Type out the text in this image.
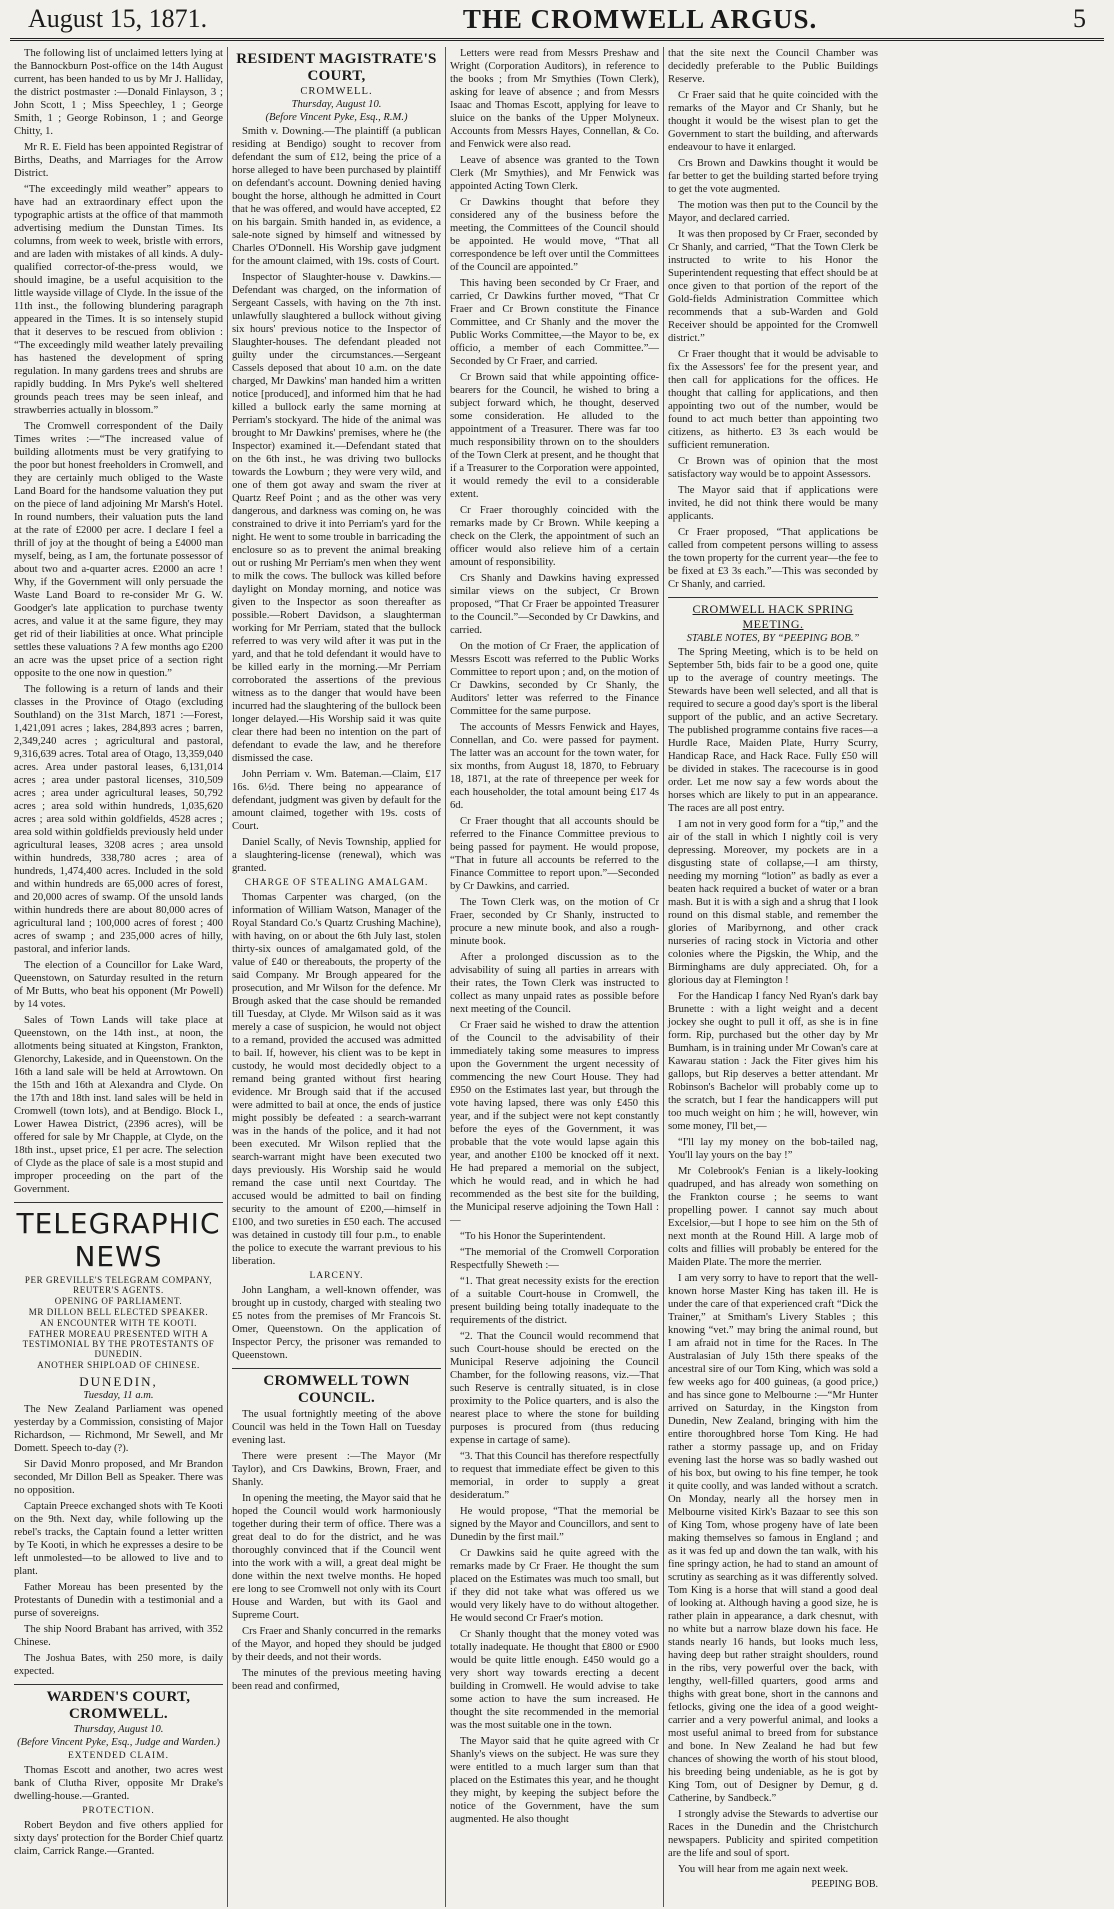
August 15, 1871.	THE CROMWELL ARGUS.	5

The following list of unclaimed letters lying at the Bannockburn Post-office on the 14th August current, has been handed to us by Mr J. Halliday, the district postmaster :—Donald Finlayson, 3 ; John Scott, 1 ; Miss Speechley, 1 ; George Smith, 1 ; George Robinson, 1 ; and George Chitty, 1.

Mr R. E. Field has been appointed Registrar of Births, Deaths, and Marriages for the Arrow District.

“The exceedingly mild weather” appears to have had an extraordinary effect upon the typographic artists at the office of that mammoth advertising medium the Dunstan Times. Its columns, from week to week, bristle with errors, and are laden with mistakes of all kinds. A duly-qualified corrector-of-the-press would, we should imagine, be a useful acquisition to the little wayside village of Clyde. In the issue of the 11th inst., the following blundering paragraph appeared in the Times. It is so intensely stupid that it deserves to be rescued from oblivion : “The exceedingly mild weather lately prevailing has hastened the development of spring regulation. In many gardens trees and shrubs are rapidly budding. In Mrs Pyke's well sheltered grounds peach trees may be seen inleaf, and strawberries actually in blossom.”

The Cromwell correspondent of the Daily Times writes :—“The increased value of building allotments must be very gratifying to the poor but honest freeholders in Cromwell, and they are certainly much obliged to the Waste Land Board for the handsome valuation they put on the piece of land adjoining Mr Marsh's Hotel. In round numbers, their valuation puts the land at the rate of £2000 per acre. I declare I feel a thrill of joy at the thought of being a £4000 man myself, being, as I am, the fortunate possessor of about two and a-quarter acres. £2000 an acre ! Why, if the Government will only persuade the Waste Land Board to re-consider Mr G. W. Goodger's late application to purchase twenty acres, and value it at the same figure, they may get rid of their liabilities at once. What principle settles these valuations ? A few months ago £200 an acre was the upset price of a section right opposite to the one now in question.”

The following is a return of lands and their classes in the Province of Otago (excluding Southland) on the 31st March, 1871 :—Forest, 1,421,091 acres ; lakes, 284,893 acres ; barren, 2,349,240 acres ; agricultural and pastoral, 9,316,639 acres. Total area of Otago, 13,359,040 acres. Area under pastoral leases, 6,131,014 acres ; area under pastoral licenses, 310,509 acres ; area under agricultural leases, 50,792 acres ; area sold within hundreds, 1,035,620 acres ; area sold within goldfields, 4528 acres ; area sold within goldfields previously held under agricultural leases, 3208 acres ; area unsold within hundreds, 338,780 acres ; area of hundreds, 1,474,400 acres. Included in the sold and within hundreds are 65,000 acres of forest, and 20,000 acres of swamp. Of the unsold lands within hundreds there are about 80,000 acres of agricultural land ; 100,000 acres of forest ; 400 acres of swamp ; and 235,000 acres of hilly, pastoral, and inferior lands.

The election of a Councillor for Lake Ward, Queenstown, on Saturday resulted in the return of Mr Butts, who beat his opponent (Mr Powell) by 14 votes.

Sales of Town Lands will take place at Queenstown, on the 14th inst., at noon, the allotments being situated at Kingston, Frankton, Glenorchy, Lakeside, and in Queenstown. On the 16th a land sale will be held at Arrowtown. On the 15th and 16th at Alexandra and Clyde. On the 17th and 18th inst. land sales will be held in Cromwell (town lots), and at Bendigo. Block I., Lower Hawea District, (2396 acres), will be offered for sale by Mr Chapple, at Clyde, on the 18th inst., upset price, £1 per acre. The selection of Clyde as the place of sale is a most stupid and improper proceeding on the part of the Government.

TELEGRAPHIC NEWS
PER GREVILLE'S TELEGRAM COMPANY, REUTER'S AGENTS.
OPENING OF PARLIAMENT.
MR DILLON BELL ELECTED SPEAKER.
AN ENCOUNTER WITH TE KOOTI.
FATHER MOREAU PRESENTED WITH A TESTIMONIAL BY THE PROTESTANTS OF DUNEDIN.
ANOTHER SHIPLOAD OF CHINESE.
DUNEDIN,
Tuesday, 11 a.m.

The New Zealand Parliament was opened yesterday by a Commission, consisting of Major Richardson, — Richmond, Mr Sewell, and Mr Domett. Speech to-day (?).

Sir David Monro proposed, and Mr Brandon seconded, Mr Dillon Bell as Speaker. There was no opposition.

Captain Preece exchanged shots with Te Kooti on the 9th. Next day, while following up the rebel's tracks, the Captain found a letter written by Te Kooti, in which he expresses a desire to be left unmolested—to be allowed to live and to plant.

Father Moreau has been presented by the Protestants of Dunedin with a testimonial and a purse of sovereigns.

The ship Noord Brabant has arrived, with 352 Chinese.

The Joshua Bates, with 250 more, is daily expected.

WARDEN'S COURT, CROMWELL.
Thursday, August 10.
(Before Vincent Pyke, Esq., Judge and Warden.)
EXTENDED CLAIM.

Thomas Escott and another, two acres west bank of Clutha River, opposite Mr Drake's dwelling-house.—Granted.

PROTECTION.

Robert Beydon and five others applied for sixty days' protection for the Border Chief quartz claim, Carrick Range.—Granted.

RESIDENT MAGISTRATE'S COURT,
CROMWELL.
Thursday, August 10.
(Before Vincent Pyke, Esq., R.M.)

Smith v. Downing.—The plaintiff (a publican residing at Bendigo) sought to recover from defendant the sum of £12, being the price of a horse alleged to have been purchased by plaintiff on defendant's account. Downing denied having bought the horse, although he admitted in Court that he was offered, and would have accepted, £2 on his bargain. Smith handed in, as evidence, a sale-note signed by himself and witnessed by Charles O'Donnell. His Worship gave judgment for the amount claimed, with 19s. costs of Court.

Inspector of Slaughter-house v. Dawkins.—Defendant was charged, on the information of Sergeant Cassels, with having on the 7th inst. unlawfully slaughtered a bullock without giving six hours' previous notice to the Inspector of Slaughter-houses. The defendant pleaded not guilty under the circumstances.—Sergeant Cassels deposed that about 10 a.m. on the date charged, Mr Dawkins' man handed him a written notice [produced], and informed him that he had killed a bullock early the same morning at Perriam's stockyard. The hide of the animal was brought to Mr Dawkins' premises, where he (the Inspector) examined it.—Defendant stated that on the 6th inst., he was driving two bullocks towards the Lowburn ; they were very wild, and one of them got away and swam the river at Quartz Reef Point ; and as the other was very dangerous, and darkness was coming on, he was constrained to drive it into Perriam's yard for the night. He went to some trouble in barricading the enclosure so as to prevent the animal breaking out or rushing Mr Perriam's men when they went to milk the cows. The bullock was killed before daylight on Monday morning, and notice was given to the Inspector as soon thereafter as possible.—Robert Davidson, a slaughterman working for Mr Perriam, stated that the bullock referred to was very wild after it was put in the yard, and that he told defendant it would have to be killed early in the morning.—Mr Perriam corroborated the assertions of the previous witness as to the danger that would have been incurred had the slaughtering of the bullock been longer delayed.—His Worship said it was quite clear there had been no intention on the part of defendant to evade the law, and he therefore dismissed the case.

John Perriam v. Wm. Bateman.—Claim, £17 16s. 6½d. There being no appearance of defendant, judgment was given by default for the amount claimed, together with 19s. costs of Court.

Daniel Scally, of Nevis Township, applied for a slaughtering-license (renewal), which was granted.

CHARGE OF STEALING AMALGAM.

Thomas Carpenter was charged, (on the information of William Watson, Manager of the Royal Standard Co.'s Quartz Crushing Machine), with having, on or about the 6th July last, stolen thirty-six ounces of amalgamated gold, of the value of £40 or thereabouts, the property of the said Company. Mr Brough appeared for the prosecution, and Mr Wilson for the defence. Mr Brough asked that the case should be remanded till Tuesday, at Clyde. Mr Wilson said as it was merely a case of suspicion, he would not object to a remand, provided the accused was admitted to bail. If, however, his client was to be kept in custody, he would most decidedly object to a remand being granted without first hearing evidence. Mr Brough said that if the accused were admitted to bail at once, the ends of justice might possibly be defeated : a search-warrant was in the hands of the police, and it had not been executed. Mr Wilson replied that the search-warrant might have been executed two days previously. His Worship said he would remand the case until next Courtday. The accused would be admitted to bail on finding security to the amount of £200,—himself in £100, and two sureties in £50 each. The accused was detained in custody till four p.m., to enable the police to execute the warrant previous to his liberation.

LARCENY.

John Langham, a well-known offender, was brought up in custody, charged with stealing two £5 notes from the premises of Mr Francois St. Omer, Queenstown. On the application of Inspector Percy, the prisoner was remanded to Queenstown.

CROMWELL TOWN COUNCIL.

The usual fortnightly meeting of the above Council was held in the Town Hall on Tuesday evening last.

There were present :—The Mayor (Mr Taylor), and Crs Dawkins, Brown, Fraer, and Shanly.

In opening the meeting, the Mayor said that he hoped the Council would work harmoniously together during their term of office. There was a great deal to do for the district, and he was thoroughly convinced that if the Council went into the work with a will, a great deal might be done within the next twelve months. He hoped ere long to see Cromwell not only with its Court House and Warden, but with its Gaol and Supreme Court.

Crs Fraer and Shanly concurred in the remarks of the Mayor, and hoped they should be judged by their deeds, and not their words.

The minutes of the previous meeting having been read and confirmed,

Letters were read from Messrs Preshaw and Wright (Corporation Auditors), in reference to the books ; from Mr Smythies (Town Clerk), asking for leave of absence ; and from Messrs Isaac and Thomas Escott, applying for leave to sluice on the banks of the Upper Molyneux. Accounts from Messrs Hayes, Connellan, & Co. and Fenwick were also read.

Leave of absence was granted to the Town Clerk (Mr Smythies), and Mr Fenwick was appointed Acting Town Clerk.

Cr Dawkins thought that before they considered any of the business before the meeting, the Committees of the Council should be appointed. He would move, “That all correspondence be left over until the Committees of the Council are appointed.”

This having been seconded by Cr Fraer, and carried, Cr Dawkins further moved, “That Cr Fraer and Cr Brown constitute the Finance Committee, and Cr Shanly and the mover the Public Works Committee,—the Mayor to be, ex officio, a member of each Committee.”—Seconded by Cr Fraer, and carried.

Cr Brown said that while appointing office-bearers for the Council, he wished to bring a subject forward which, he thought, deserved some consideration. He alluded to the appointment of a Treasurer. There was far too much responsibility thrown on to the shoulders of the Town Clerk at present, and he thought that if a Treasurer to the Corporation were appointed, it would remedy the evil to a considerable extent.

Cr Fraer thoroughly coincided with the remarks made by Cr Brown. While keeping a check on the Clerk, the appointment of such an officer would also relieve him of a certain amount of responsibility.

Crs Shanly and Dawkins having expressed similar views on the subject, Cr Brown proposed, “That Cr Fraer be appointed Treasurer to the Council.”—Seconded by Cr Dawkins, and carried.

On the motion of Cr Fraer, the application of Messrs Escott was referred to the Public Works Committee to report upon ; and, on the motion of Cr Dawkins, seconded by Cr Shanly, the Auditors' letter was referred to the Finance Committee for the same purpose.

The accounts of Messrs Fenwick and Hayes, Connellan, and Co. were passed for payment. The latter was an account for the town water, for six months, from August 18, 1870, to February 18, 1871, at the rate of threepence per week for each householder, the total amount being £17 4s 6d.

Cr Fraer thought that all accounts should be referred to the Finance Committee previous to being passed for payment. He would propose, “That in future all accounts be referred to the Finance Committee to report upon.”—Seconded by Cr Dawkins, and carried.

The Town Clerk was, on the motion of Cr Fraer, seconded by Cr Shanly, instructed to procure a new minute book, and also a rough-minute book.

After a prolonged discussion as to the advisability of suing all parties in arrears with their rates, the Town Clerk was instructed to collect as many unpaid rates as possible before next meeting of the Council.

Cr Fraer said he wished to draw the attention of the Council to the advisability of their immediately taking some measures to impress upon the Government the urgent necessity of commencing the new Court House. They had £950 on the Estimates last year, but through the vote having lapsed, there was only £450 this year, and if the subject were not kept constantly before the eyes of the Government, it was probable that the vote would lapse again this year, and another £100 be knocked off it next. He had prepared a memorial on the subject, which he would read, and in which he had recommended as the best site for the building, the Municipal reserve adjoining the Town Hall :—

“To his Honor the Superintendent.

“The memorial of the Cromwell Corporation Respectfully Sheweth :—

“1. That great necessity exists for the erection of a suitable Court-house in Cromwell, the present building being totally inadequate to the requirements of the district.

“2. That the Council would recommend that such Court-house should be erected on the Municipal Reserve adjoining the Council Chamber, for the following reasons, viz.—That such Reserve is centrally situated, is in close proximity to the Police quarters, and is also the nearest place to where the stone for building purposes is procured from (thus reducing expense in cartage of same).

“3. That this Council has therefore respectfully to request that immediate effect be given to this memorial, in order to supply a great desideratum.”

He would propose, “That the memorial be signed by the Mayor and Councillors, and sent to Dunedin by the first mail.”

Cr Dawkins said he quite agreed with the remarks made by Cr Fraer. He thought the sum placed on the Estimates was much too small, but if they did not take what was offered us we would very likely have to do without altogether. He would second Cr Fraer's motion.

Cr Shanly thought that the money voted was totally inadequate. He thought that £800 or £900 would be quite little enough. £450 would go a very short way towards erecting a decent building in Cromwell. He would advise to take some action to have the sum increased. He thought the site recommended in the memorial was the most suitable one in the town.

The Mayor said that he quite agreed with Cr Shanly's views on the subject. He was sure they were entitled to a much larger sum than that placed on the Estimates this year, and he thought they might, by keeping the subject before the notice of the Government, have the sum augmented. He also thought

that the site next the Council Chamber was decidedly preferable to the Public Buildings Reserve.

Cr Fraer said that he quite coincided with the remarks of the Mayor and Cr Shanly, but he thought it would be the wisest plan to get the Government to start the building, and afterwards endeavour to have it enlarged.

Crs Brown and Dawkins thought it would be far better to get the building started before trying to get the vote augmented.

The motion was then put to the Council by the Mayor, and declared carried.

It was then proposed by Cr Fraer, seconded by Cr Shanly, and carried, “That the Town Clerk be instructed to write to his Honor the Superintendent requesting that effect should be at once given to that portion of the report of the Gold-fields Administration Committee which recommends that a sub-Warden and Gold Receiver should be appointed for the Cromwell district.”

Cr Fraer thought that it would be advisable to fix the Assessors' fee for the present year, and then call for applications for the offices. He thought that calling for applications, and then appointing two out of the number, would be found to act much better than appointing two citizens, as hitherto. £3 3s each would be sufficient remuneration.

Cr Brown was of opinion that the most satisfactory way would be to appoint Assessors.

The Mayor said that if applications were invited, he did not think there would be many applicants.

Cr Fraer proposed, “That applications be called from competent persons willing to assess the town property for the current year—the fee to be fixed at £3 3s each.”—This was seconded by Cr Shanly, and carried.

CROMWELL HACK SPRING MEETING.
STABLE NOTES, BY “PEEPING BOB.”

The Spring Meeting, which is to be held on September 5th, bids fair to be a good one, quite up to the average of country meetings. The Stewards have been well selected, and all that is required to secure a good day's sport is the liberal support of the public, and an active Secretary. The published programme contains five races—a Hurdle Race, Maiden Plate, Hurry Scurry, Handicap Race, and Hack Race. Fully £50 will be divided in stakes. The racecourse is in good order. Let me now say a few words about the horses which are likely to put in an appearance. The races are all post entry.

I am not in very good form for a “tip,” and the air of the stall in which I nightly coil is very depressing. Moreover, my pockets are in a disgusting state of collapse,—I am thirsty, needing my morning “lotion” as badly as ever a beaten hack required a bucket of water or a bran mash. But it is with a sigh and a shrug that I look round on this dismal stable, and remember the glories of Maribyrnong, and other crack nurseries of racing stock in Victoria and other colonies where the Pigskin, the Whip, and the Birminghams are duly appreciated. Oh, for a glorious day at Flemington !

For the Handicap I fancy Ned Ryan's dark bay Brunette : with a light weight and a decent jockey she ought to pull it off, as she is in fine form. Rip, purchased but the other day by Mr Bumham, is in training under Mr Cowan's care at Kawarau station : Jack the Fiter gives him his gallops, but Rip deserves a better attendant. Mr Robinson's Bachelor will probably come up to the scratch, but I fear the handicappers will put too much weight on him ; he will, however, win some money, I'll bet,—

“I'll lay my money on the bob-tailed nag, You'll lay yours on the bay !”

Mr Colebrook's Fenian is a likely-looking quadruped, and has already won something on the Frankton course ; he seems to want propelling power. I cannot say much about Excelsior,—but I hope to see him on the 5th of next month at the Round Hill. A large mob of colts and fillies will probably be entered for the Maiden Plate. The more the merrier.

I am very sorry to have to report that the well-known horse Master King has taken ill. He is under the care of that experienced craft “Dick the Trainer,” at Smitham's Livery Stables ; this knowing “vet.” may bring the animal round, but I am afraid not in time for the Races. In The Australasian of July 15th there speaks of the ancestral sire of our Tom King, which was sold a few weeks ago for 400 guineas, (a good price,) and has since gone to Melbourne :—“Mr Hunter arrived on Saturday, in the Kingston from Dunedin, New Zealand, bringing with him the entire thoroughbred horse Tom King. He had rather a stormy passage up, and on Friday evening last the horse was so badly washed out of his box, but owing to his fine temper, he took it quite coolly, and was landed without a scratch. On Monday, nearly all the horsey men in Melbourne visited Kirk's Bazaar to see this son of King Tom, whose progeny have of late been making themselves so famous in England ; and as it was fed up and down the tan walk, with his fine springy action, he had to stand an amount of scrutiny as searching as it was differently solved. Tom King is a horse that will stand a good deal of looking at. Although having a good size, he is rather plain in appearance, a dark chesnut, with no white but a narrow blaze down his face. He stands nearly 16 hands, but looks much less, having deep but rather straight shoulders, round in the ribs, very powerful over the back, with lengthy, well-filled quarters, good arms and thighs with great bone, short in the cannons and fetlocks, giving one the idea of a good weight-carrier and a very powerful animal, and looks a most useful animal to breed from for substance and bone. In New Zealand he had but few chances of showing the worth of his stout blood, his breeding being undeniable, as he is got by King Tom, out of Designer by Demur, g d. Catherine, by Sandbeck.”

I strongly advise the Stewards to advertise our Races in the Dunedin and the Christchurch newspapers. Publicity and spirited competition are the life and soul of sport.

You will hear from me again next week.

PEEPING BOB.
